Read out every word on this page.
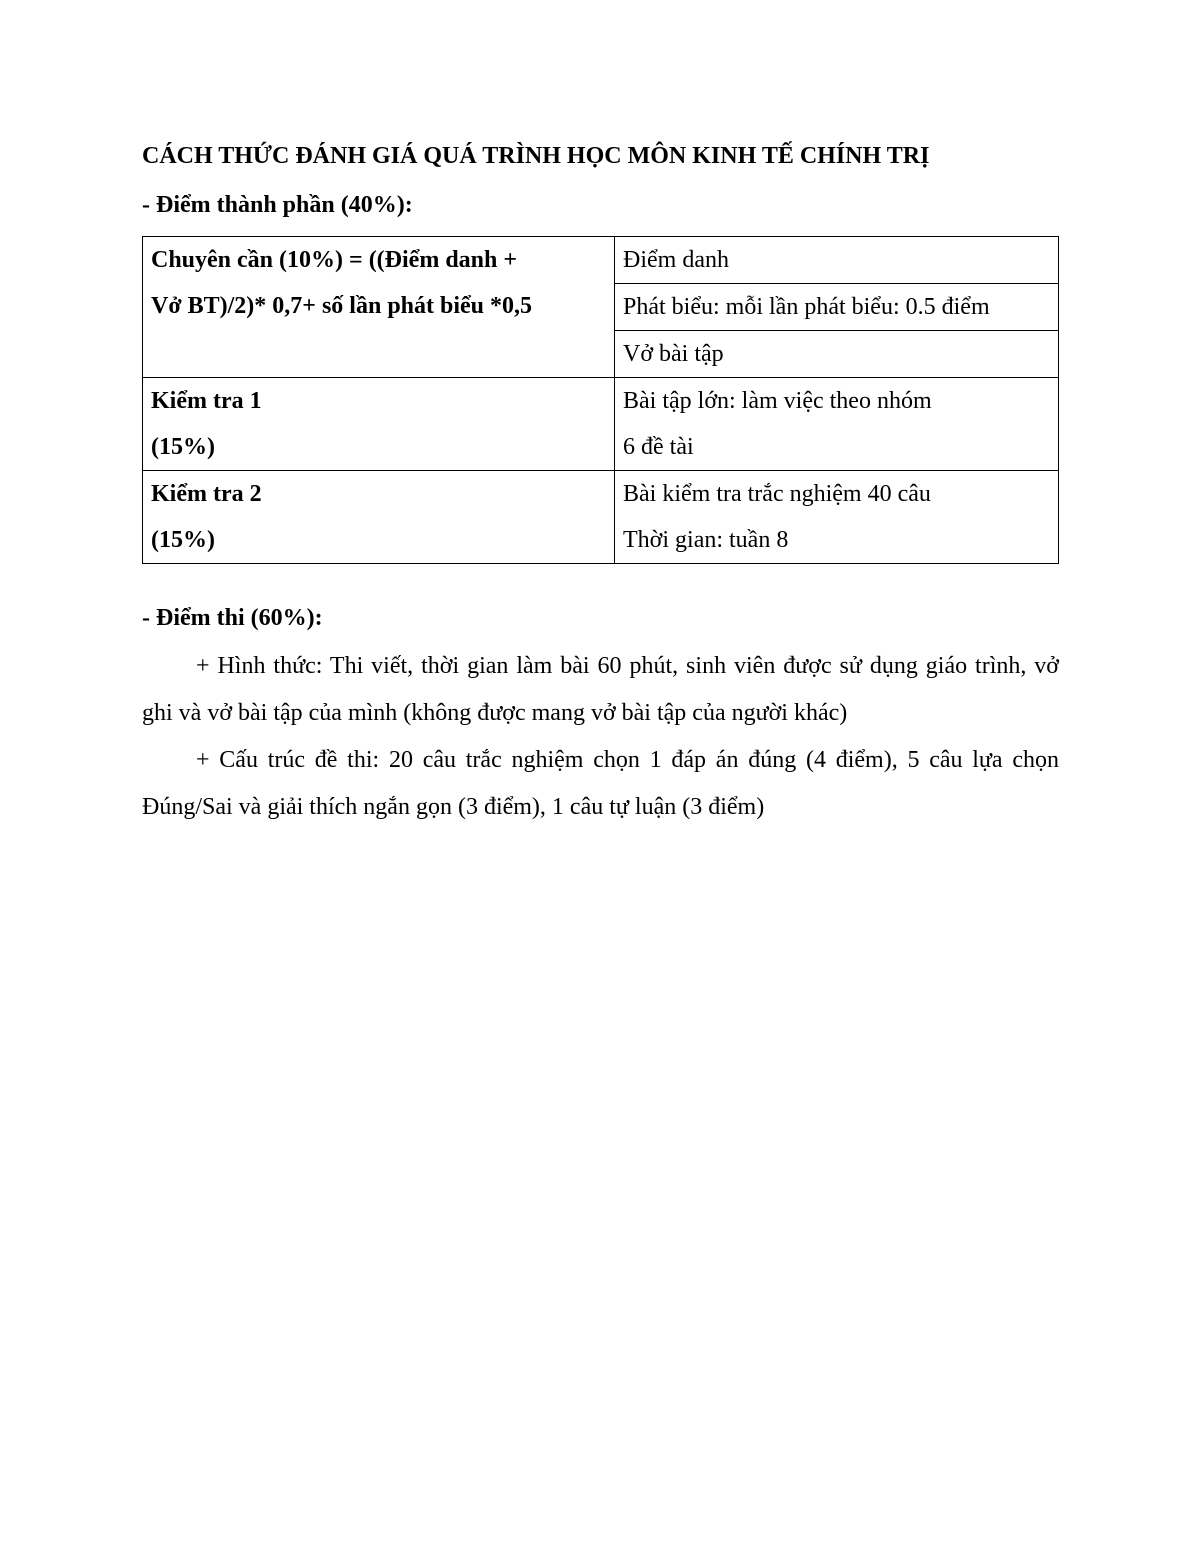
CÁCH THỨC ĐÁNH GIÁ QUÁ TRÌNH HỌC MÔN KINH TẾ CHÍNH TRỊ
- Điểm thành phần (40%):
Chuyên cần (10%) = ((Điểm danh +
Vở BT)/2)* 0,7+ số lần phát biểu *0,5	Điểm danh
	Phát biểu: mỗi lần phát biểu: 0.5 điểm
	Vở bài tập

Kiểm tra 1
(15%)	Bài tập lớn: làm việc theo nhóm
6 đề tài

Kiểm tra 2
(15%)	Bài kiểm tra trắc nghiệm 40 câu
Thời gian: tuần 8
- Điểm thi (60%):
+ Hình thức: Thi viết, thời gian làm bài 60 phút, sinh viên được sử dụng giáo trình, vở ghi và vở bài tập của mình (không được mang vở bài tập của người khác)
+ Cấu trúc đề thi: 20 câu trắc nghiệm chọn 1 đáp án đúng (4 điểm), 5 câu lựa chọn Đúng/Sai và giải thích ngắn gọn (3 điểm), 1 câu tự luận (3 điểm)
